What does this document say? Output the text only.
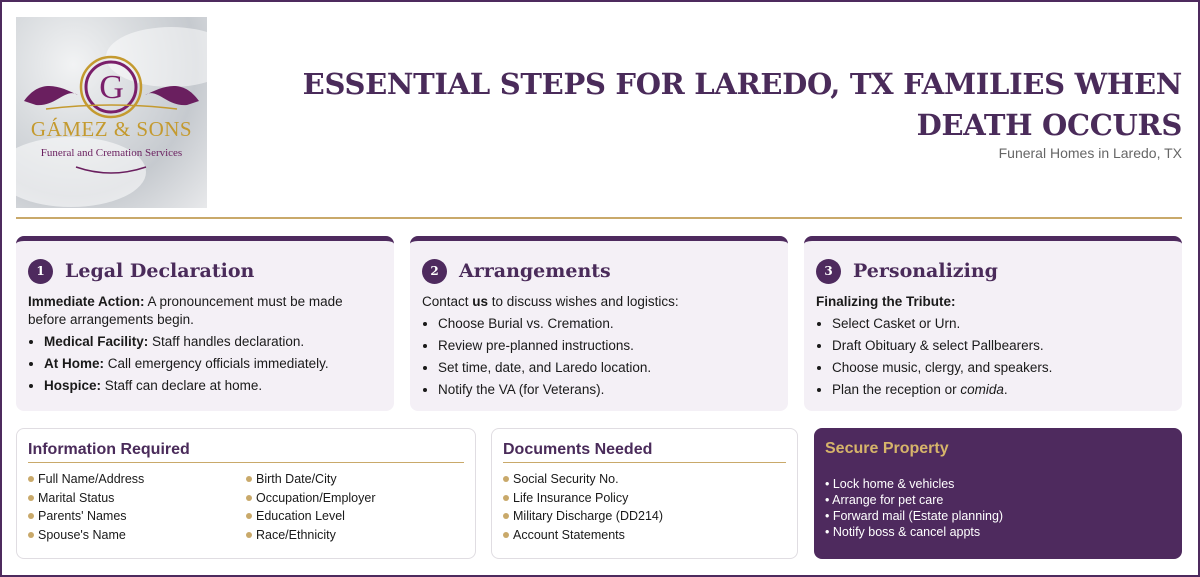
G
GÁMEZ & SONS
Funeral and Cremation Services
ESSENTIAL STEPS FOR LAREDO, TX FAMILIES WHEN DEATH OCCURS
Funeral Homes in Laredo, TX
1	Legal Declaration

Immediate Action: A pronouncement must be made before arrangements begin.

• Medical Facility: Staff handles declaration.
• At Home: Call emergency officials immediately.
• Hospice: Staff can declare at home.
2	Arrangements

Contact us to discuss wishes and logistics:

• Choose Burial vs. Cremation.
• Review pre-planned instructions.
• Set time, date, and Laredo location.
• Notify the VA (for Veterans).
3	Personalizing

Finalizing the Tribute:

• Select Casket or Urn.
• Draft Obituary & select Pallbearers.
• Choose music, clergy, and speakers.
• Plan the reception or comida.
Information Required
Full Name/Address
Marital Status
Parents' Names
Spouse's Name
Birth Date/City
Occupation/Employer
Education Level
Race/Ethnicity
Documents Needed
Social Security No.
Life Insurance Policy
Military Discharge (DD214)
Account Statements
Secure Property
• Lock home & vehicles
• Arrange for pet care
• Forward mail (Estate planning)
• Notify boss & cancel appts
